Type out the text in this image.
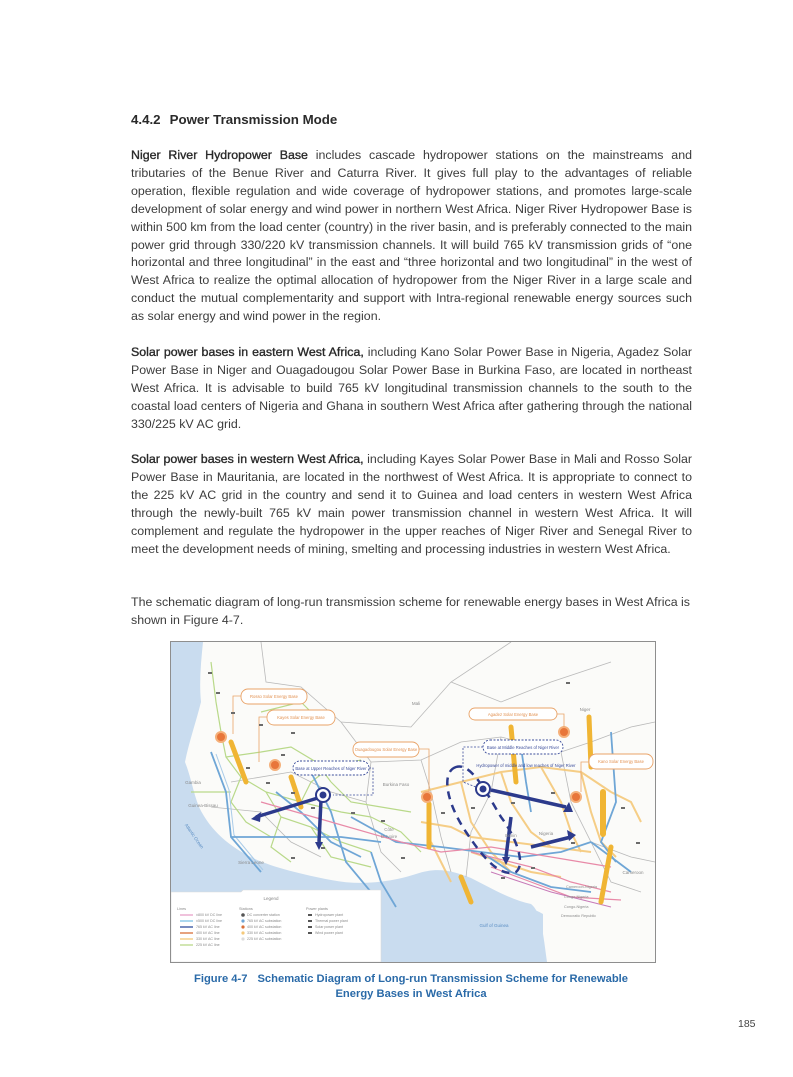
4.4.2 Power Transmission Mode

Niger River Hydropower Base includes cascade hydropower stations on the mainstreams and tributaries of the Benue River and Caturra River. It gives full play to the advantages of reliable operation, flexible regulation and wide coverage of hydropower stations, and promotes large-scale development of solar energy and wind power in northern West Africa. Niger River Hydropower Base is within 500 km from the load center (country) in the river basin, and is preferably connected to the main power grid through 330/220 kV transmission channels. It will build 765 kV transmission grids of “one horizontal and three longitudinal” in the east and “three horizontal and two longitudinal” in the west of West Africa to realize the optimal allocation of hydropower from the Niger River in a large scale and conduct the mutual complementarity and support with Intra-regional renewable energy sources such as solar energy and wind power in the region.

Solar power bases in eastern West Africa, including Kano Solar Power Base in Nigeria, Agadez Solar Power Base in Niger and Ouagadougou Solar Power Base in Burkina Faso, are located in northeast West Africa. It is advisable to build 765 kV longitudinal transmission channels to the south to the coastal load centers of Nigeria and Ghana in southern West Africa after gathering through the national 330/225 kV AC grid.

Solar power bases in western West Africa, including Kayes Solar Power Base in Mali and Rosso Solar Power Base in Mauritania, are located in the northwest of West Africa. It is appropriate to connect to the 225 kV AC grid in the country and send it to Guinea and load centers in western West Africa through the newly-built 765 kV main power transmission channel in western West Africa. It will complement and regulate the hydropower in the upper reaches of Niger River and Senegal River to meet the development needs of mining, smelting and processing industries in western West Africa.

The schematic diagram of long-run transmission scheme for renewable energy bases in West Africa is shown in Figure 4-7.

Rosso Solar Energy Base
Kayes Solar Energy Base
Ouagadougou Solar Energy Base
Agadez Solar Energy Base
Kano Solar Energy Base
Base at Upper Reaches of Niger River
Base at Middle Reaches of Niger River
Hydropower of middle and low reaches of Niger River
Mali
Niger
Burkina Faso
Nigeria
Benin
Côte
D' Ivoire
Gambia
Guinea-Bissau
Sierra Leone
Cameroon
Cameroon-Nigeria
Congo-Nigeria
Congo-Nigeria
Democratic Republic
Atlantic Ocean
Gulf of Guinea
Legend
Lines
±800 kV DC line
±500 kV DC line
765 kV AC line
400 kV AC line
330 kV AC line
225 kV AC line
Stations
DC converter station
765 kV AC substation
400 kV AC substation
330 kV AC substation
225 kV AC substation
Power plants
Hydropower plant
Thermal power plant
Solar power plant
Wind power plant
Figure 4-7 Schematic Diagram of Long-run Transmission Scheme for Renewable
Energy Bases in West Africa
185
